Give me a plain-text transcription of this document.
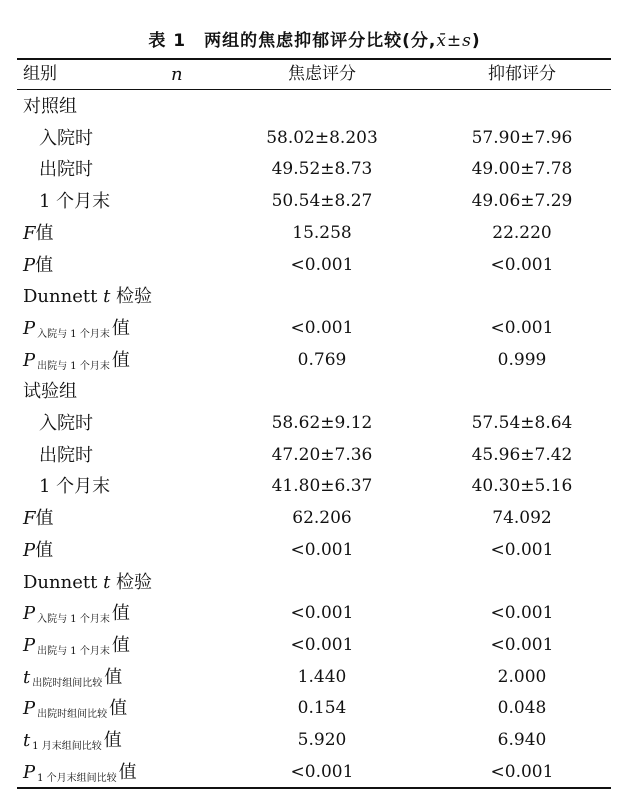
表 1　两组的焦虑抑郁评分比较(分,x̄±s)
组别	n	焦虑评分	抑郁评分
对照组
入院时	58.02±8.203	57.90±7.96
出院时	49.52±8.73	49.00±7.78
1 个月末	50.54±8.27	49.06±7.29
F值	15.258	22.220
P值	<0.001	<0.001
Dunnett t 检验
P入院与 1 个月末 值	<0.001	<0.001
P出院与 1 个月末 值	0.769	0.999
试验组
入院时	58.62±9.12	57.54±8.64
出院时	47.20±7.36	45.96±7.42
1 个月末	41.80±6.37	40.30±5.16
F值	62.206	74.092
P值	<0.001	<0.001
Dunnett t 检验
P入院与 1 个月末 值	<0.001	<0.001
P出院与 1 个月末 值	<0.001	<0.001
t出院时组间比较 值	1.440	2.000
P出院时组间比较 值	0.154	0.048
t 1 月末组间比较 值	5.920	6.940
P 1 个月末组间比较 值	<0.001	<0.001
